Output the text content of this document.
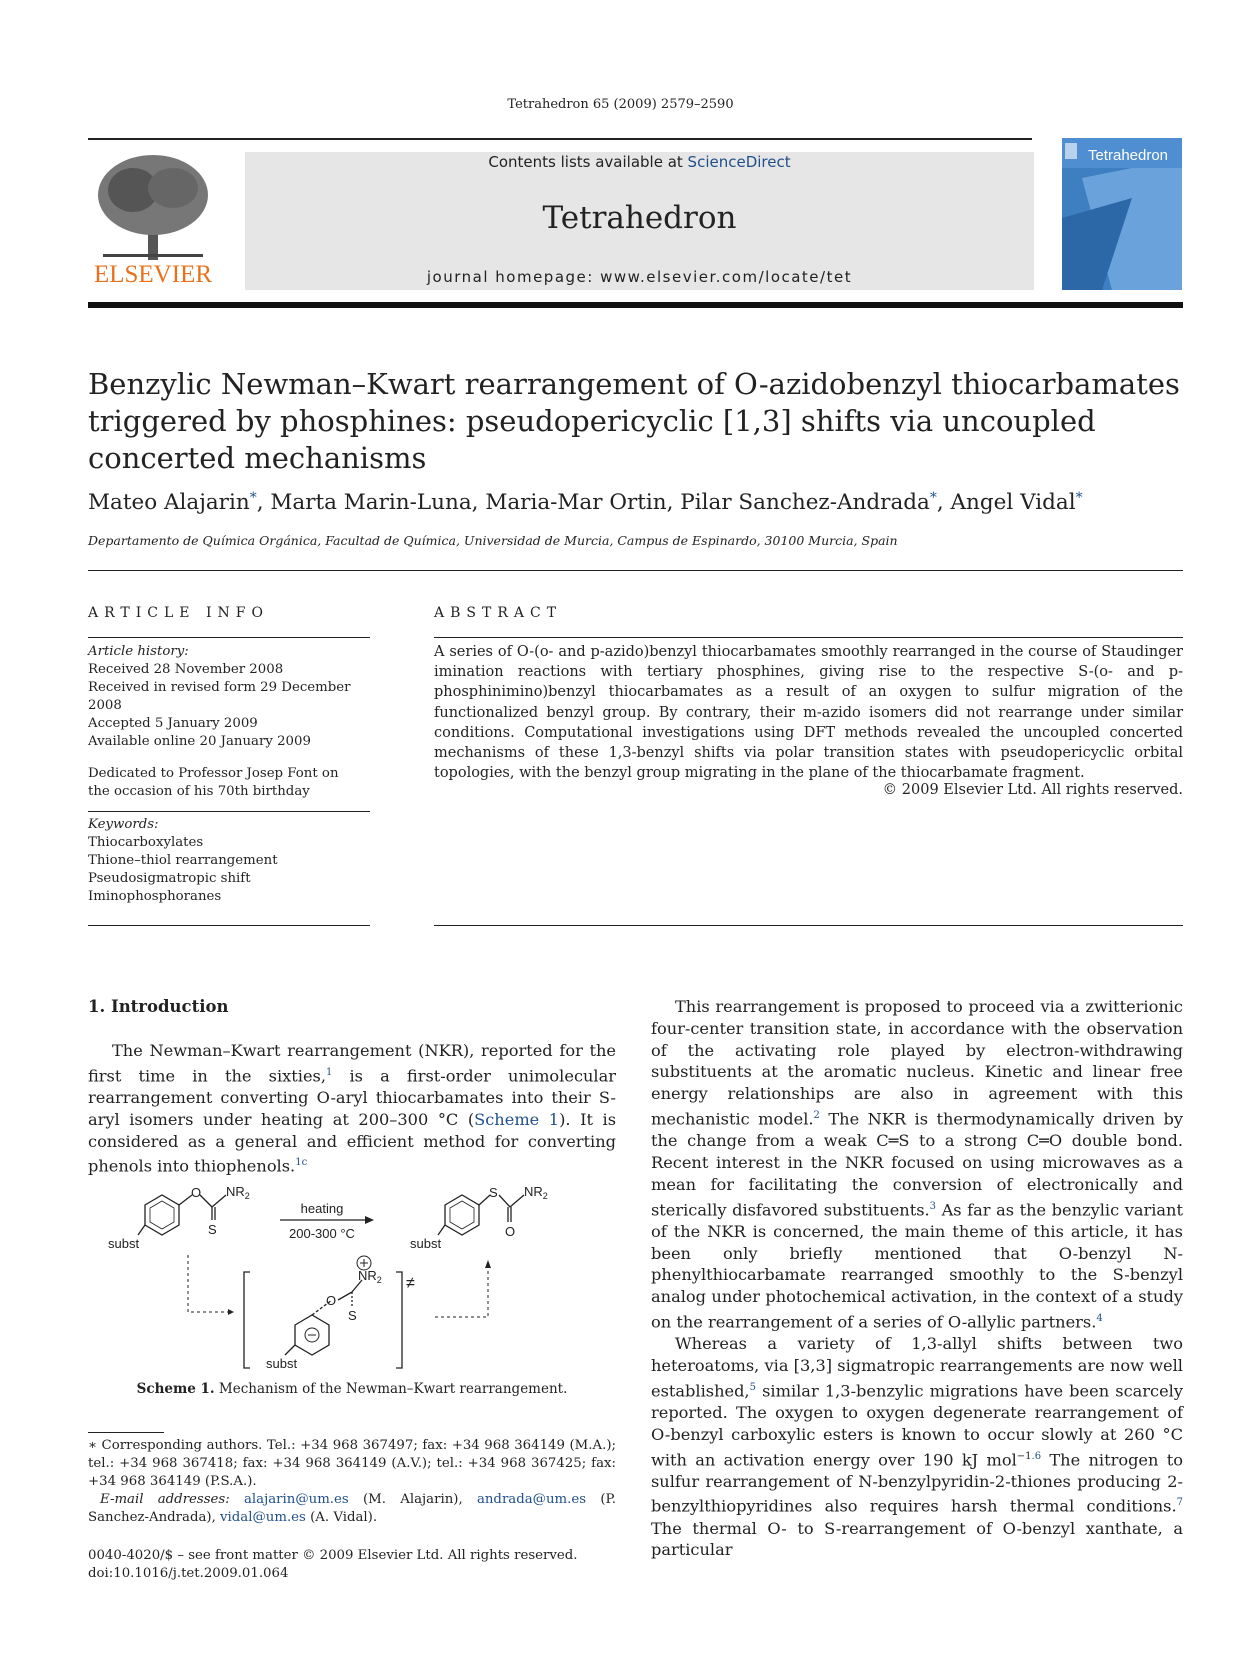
Tetrahedron 65 (2009) 2579–2590
ELSEVIER
Contents lists available at ScienceDirect
Tetrahedron
journal homepage: www.elsevier.com/locate/tet
Tetrahedron
Benzylic Newman–Kwart rearrangement of O-azidobenzyl thiocarbamates triggered by phosphines: pseudopericyclic [1,3] shifts via uncoupled concerted mechanisms
Mateo Alajarin*, Marta Marin-Luna, Maria-Mar Ortin, Pilar Sanchez-Andrada*, Angel Vidal*
Departamento de Química Orgánica, Facultad de Química, Universidad de Murcia, Campus de Espinardo, 30100 Murcia, Spain
ARTICLE INFO
Article history:
Received 28 November 2008
Received in revised form 29 December 2008
Accepted 5 January 2009
Available online 20 January 2009
Dedicated to Professor Josep Font on the occasion of his 70th birthday
Keywords:
Thiocarboxylates
Thione–thiol rearrangement
Pseudosigmatropic shift
Iminophosphoranes
ABSTRACT
A series of O-(o- and p-azido)benzyl thiocarbamates smoothly rearranged in the course of Staudinger imination reactions with tertiary phosphines, giving rise to the respective S-(o- and p-phosphinimino)benzyl thiocarbamates as a result of an oxygen to sulfur migration of the functionalized benzyl group. By contrary, their m-azido isomers did not rearrange under similar conditions. Computational investigations using DFT methods revealed the uncoupled concerted mechanisms of these 1,3-benzyl shifts via polar transition states with pseudopericyclic orbital topologies, with the benzyl group migrating in the plane of the thiocarbamate fragment.
© 2009 Elsevier Ltd. All rights reserved.
1. Introduction

The Newman–Kwart rearrangement (NKR), reported for the first time in the sixties,$^1$ is a first-order unimolecular rearrangement converting O-aryl thiocarbamates into their S-aryl isomers under heating at 200–300 °C (Scheme 1). It is considered as a general and efficient method for converting phenols into thiophenols.$^{1c}$

O $NR_2$
S
subst
heating
200-300 °C
S $NR_2$
O
subst
≠
O
S
$NR_2$
subst
Scheme 1. Mechanism of the Newman–Kwart rearrangement.
∗ Corresponding authors. Tel.: +34 968 367497; fax: +34 968 364149 (M.A.); tel.: +34 968 367418; fax: +34 968 364149 (A.V.); tel.: +34 968 367425; fax: +34 968 364149 (P.S.A.).
E-mail addresses: alajarin@um.es (M. Alajarin), andrada@um.es (P. Sanchez-Andrada), vidal@um.es (A. Vidal).
0040-4020/$ – see front matter © 2009 Elsevier Ltd. All rights reserved.
doi:10.1016/j.tet.2009.01.064

This rearrangement is proposed to proceed via a zwitterionic four-center transition state, in accordance with the observation of the activating role played by electron-withdrawing substituents at the aromatic nucleus. Kinetic and linear free energy relationships are also in agreement with this mechanistic model.$^2$ The NKR is thermodynamically driven by the change from a weak C═S to a strong C═O double bond. Recent interest in the NKR focused on using microwaves as a mean for facilitating the conversion of electronically and sterically disfavored substituents.$^3$ As far as the benzylic variant of the NKR is concerned, the main theme of this article, it has been only briefly mentioned that O-benzyl N-phenylthiocarbamate rearranged smoothly to the S-benzyl analog under photochemical activation, in the context of a study on the rearrangement of a series of O-allylic partners.$^4$

Whereas a variety of 1,3-allyl shifts between two heteroatoms, via [3,3] sigmatropic rearrangements are now well established,$^5$ similar 1,3-benzylic migrations have been scarcely reported. The oxygen to oxygen degenerate rearrangement of O-benzyl carboxylic esters is known to occur slowly at 260 °C with an activation energy over 190 kJ mol$^{-1.6}$ The nitrogen to sulfur rearrangement of N-benzylpyridin-2-thiones producing 2-benzylthiopyridines also requires harsh thermal conditions.$^7$ The thermal O- to S-rearrangement of O-benzyl xanthate, a particular
